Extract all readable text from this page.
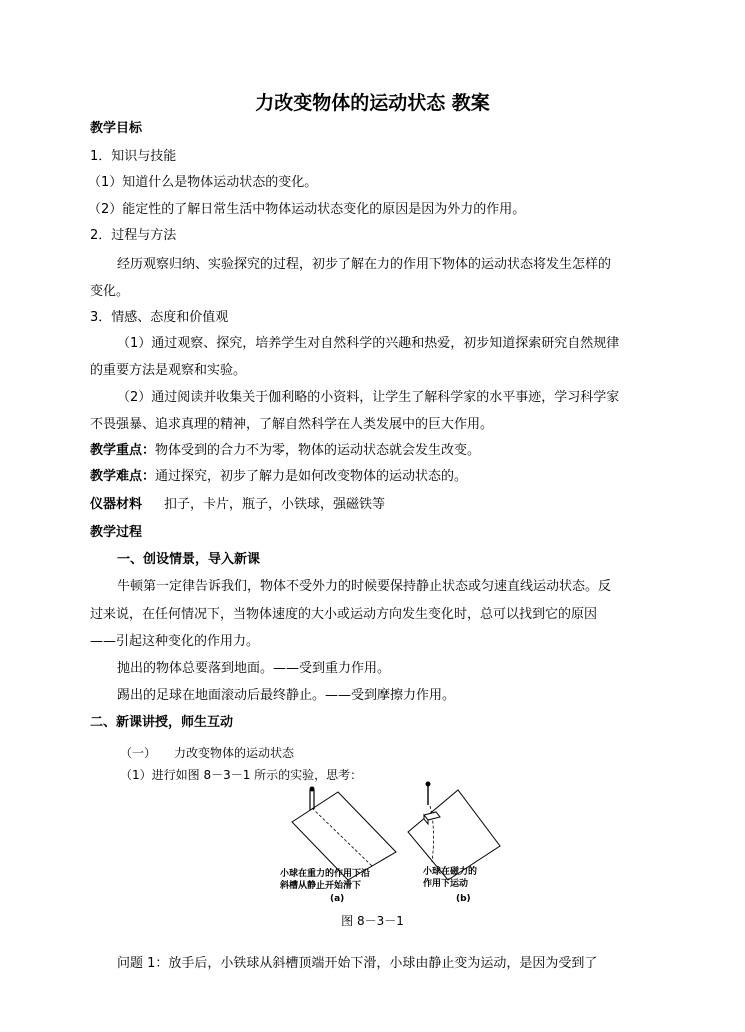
力改变物体的运动状态 教案
教学目标
1．知识与技能
（1）知道什么是物体运动状态的变化。
（2）能定性的了解日常生活中物体运动状态变化的原因是因为外力的作用。
2．过程与方法
经历观察归纳、实验探究的过程，初步了解在力的作用下物体的运动状态将发生怎样的
变化。
3．情感、态度和价值观
（1）通过观察、探究，培养学生对自然科学的兴趣和热爱，初步知道探索研究自然规律
的重要方法是观察和实验。
（2）通过阅读并收集关于伽利略的小资料，让学生了解科学家的水平事迹，学习科学家
不畏强暴、追求真理的精神，了解自然科学在人类发展中的巨大作用。
教学重点：物体受到的合力不为零，物体的运动状态就会发生改变。
教学难点：通过探究，初步了解力是如何改变物体的运动状态的。
仪器材料 扣子，卡片，瓶子，小铁球，强磁铁等
教学过程
一、创设情景，导入新课
牛顿第一定律告诉我们，物体不受外力的时候要保持静止状态或匀速直线运动状态。反
过来说，在任何情况下，当物体速度的大小或运动方向发生变化时，总可以找到它的原因
——引起这种变化的作用力。
抛出的物体总要落到地面。——受到重力作用。
踢出的足球在地面滚动后最终静止。——受到摩擦力作用。
二、新课讲授，师生互动
（一） 力改变物体的运动状态
（1）进行如图 8－3－1 所示的实验，思考：
小球在重力的作用下沿
斜槽从静止开始滑下
小球在磁力的
作用下运动
(a)	(b)
图 8－3－1
问题 1：放手后，小铁球从斜槽顶端开始下滑，小球由静止变为运动，是因为受到了
